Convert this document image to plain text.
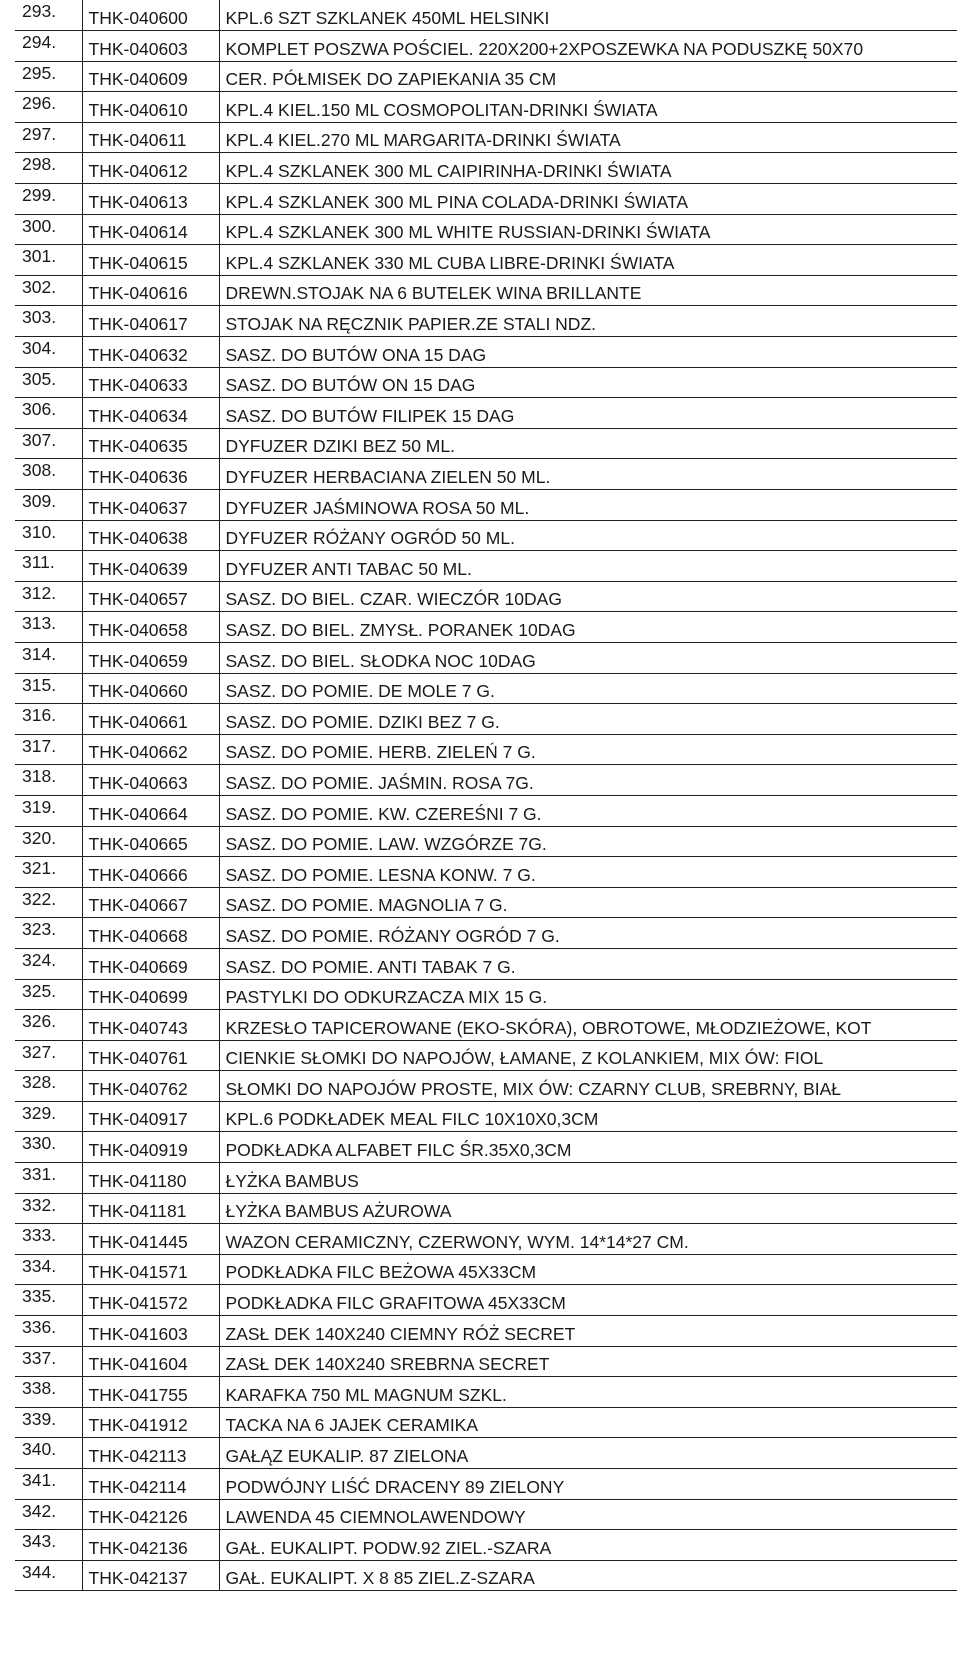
293.	THK-040600	KPL.6 SZT SZKLANEK 450ML HELSINKI
294.	THK-040603	KOMPLET POSZWA POŚCIEL. 220X200+2XPOSZEWKA NA PODUSZKĘ 50X70
295.	THK-040609	CER. PÓŁMISEK DO ZAPIEKANIA 35 CM
296.	THK-040610	KPL.4 KIEL.150 ML COSMOPOLITAN-DRINKI ŚWIATA
297.	THK-040611	KPL.4 KIEL.270 ML MARGARITA-DRINKI ŚWIATA
298.	THK-040612	KPL.4 SZKLANEK 300 ML CAIPIRINHA-DRINKI ŚWIATA
299.	THK-040613	KPL.4 SZKLANEK 300 ML PINA COLADA-DRINKI ŚWIATA
300.	THK-040614	KPL.4 SZKLANEK 300 ML WHITE RUSSIAN-DRINKI ŚWIATA
301.	THK-040615	KPL.4 SZKLANEK 330 ML CUBA LIBRE-DRINKI ŚWIATA
302.	THK-040616	DREWN.STOJAK NA 6 BUTELEK WINA BRILLANTE
303.	THK-040617	STOJAK NA RĘCZNIK PAPIER.ZE STALI NDZ.
304.	THK-040632	SASZ. DO BUTÓW ONA 15 DAG
305.	THK-040633	SASZ. DO BUTÓW ON 15 DAG
306.	THK-040634	SASZ. DO BUTÓW FILIPEK 15 DAG
307.	THK-040635	DYFUZER DZIKI BEZ 50 ML.
308.	THK-040636	DYFUZER HERBACIANA ZIELEN 50 ML.
309.	THK-040637	DYFUZER JAŚMINOWA ROSA 50 ML.
310.	THK-040638	DYFUZER RÓŻANY OGRÓD 50 ML.
311.	THK-040639	DYFUZER ANTI TABAC 50 ML.
312.	THK-040657	SASZ. DO BIEL. CZAR. WIECZÓR 10DAG
313.	THK-040658	SASZ. DO BIEL. ZMYSŁ. PORANEK 10DAG
314.	THK-040659	SASZ. DO BIEL. SŁODKA NOC 10DAG
315.	THK-040660	SASZ. DO POMIE. DE MOLE 7 G.
316.	THK-040661	SASZ. DO POMIE. DZIKI BEZ 7 G.
317.	THK-040662	SASZ. DO POMIE. HERB. ZIELEŃ 7 G.
318.	THK-040663	SASZ. DO POMIE. JAŚMIN. ROSA 7G.
319.	THK-040664	SASZ. DO POMIE. KW. CZEREŚNI 7 G.
320.	THK-040665	SASZ. DO POMIE. LAW. WZGÓRZE 7G.
321.	THK-040666	SASZ. DO POMIE. LESNA KONW. 7 G.
322.	THK-040667	SASZ. DO POMIE. MAGNOLIA 7 G.
323.	THK-040668	SASZ. DO POMIE. RÓŻANY OGRÓD 7 G.
324.	THK-040669	SASZ. DO POMIE. ANTI TABAK 7 G.
325.	THK-040699	PASTYLKI DO ODKURZACZA MIX 15 G.
326.	THK-040743	KRZESŁO TAPICEROWANE (EKO-SKÓRA), OBROTOWE, MŁODZIEŻOWE, KOT
327.	THK-040761	CIENKIE SŁOMKI DO NAPOJÓW, ŁAMANE, Z KOLANKIEM, MIX ÓW: FIOL
328.	THK-040762	SŁOMKI DO NAPOJÓW PROSTE, MIX ÓW: CZARNY CLUB, SREBRNY, BIAŁ
329.	THK-040917	KPL.6 PODKŁADEK MEAL FILC 10X10X0,3CM
330.	THK-040919	PODKŁADKA ALFABET FILC ŚR.35X0,3CM
331.	THK-041180	ŁYŻKA BAMBUS
332.	THK-041181	ŁYŻKA BAMBUS AŻUROWA
333.	THK-041445	WAZON CERAMICZNY, CZERWONY, WYM. 14*14*27 CM.
334.	THK-041571	PODKŁADKA FILC BEŻOWA 45X33CM
335.	THK-041572	PODKŁADKA FILC GRAFITOWA 45X33CM
336.	THK-041603	ZASŁ DEK 140X240 CIEMNY RÓŻ SECRET
337.	THK-041604	ZASŁ DEK 140X240 SREBRNA SECRET
338.	THK-041755	KARAFKA 750 ML MAGNUM SZKL.
339.	THK-041912	TACKA NA 6 JAJEK CERAMIKA
340.	THK-042113	GAŁĄZ EUKALIP. 87 ZIELONA
341.	THK-042114	PODWÓJNY LIŚĆ DRACENY 89 ZIELONY
342.	THK-042126	LAWENDA 45 CIEMNOLAWENDOWY
343.	THK-042136	GAŁ. EUKALIPT. PODW.92 ZIEL.-SZARA
344.	THK-042137	GAŁ. EUKALIPT. X 8 85 ZIEL.Z-SZARA
